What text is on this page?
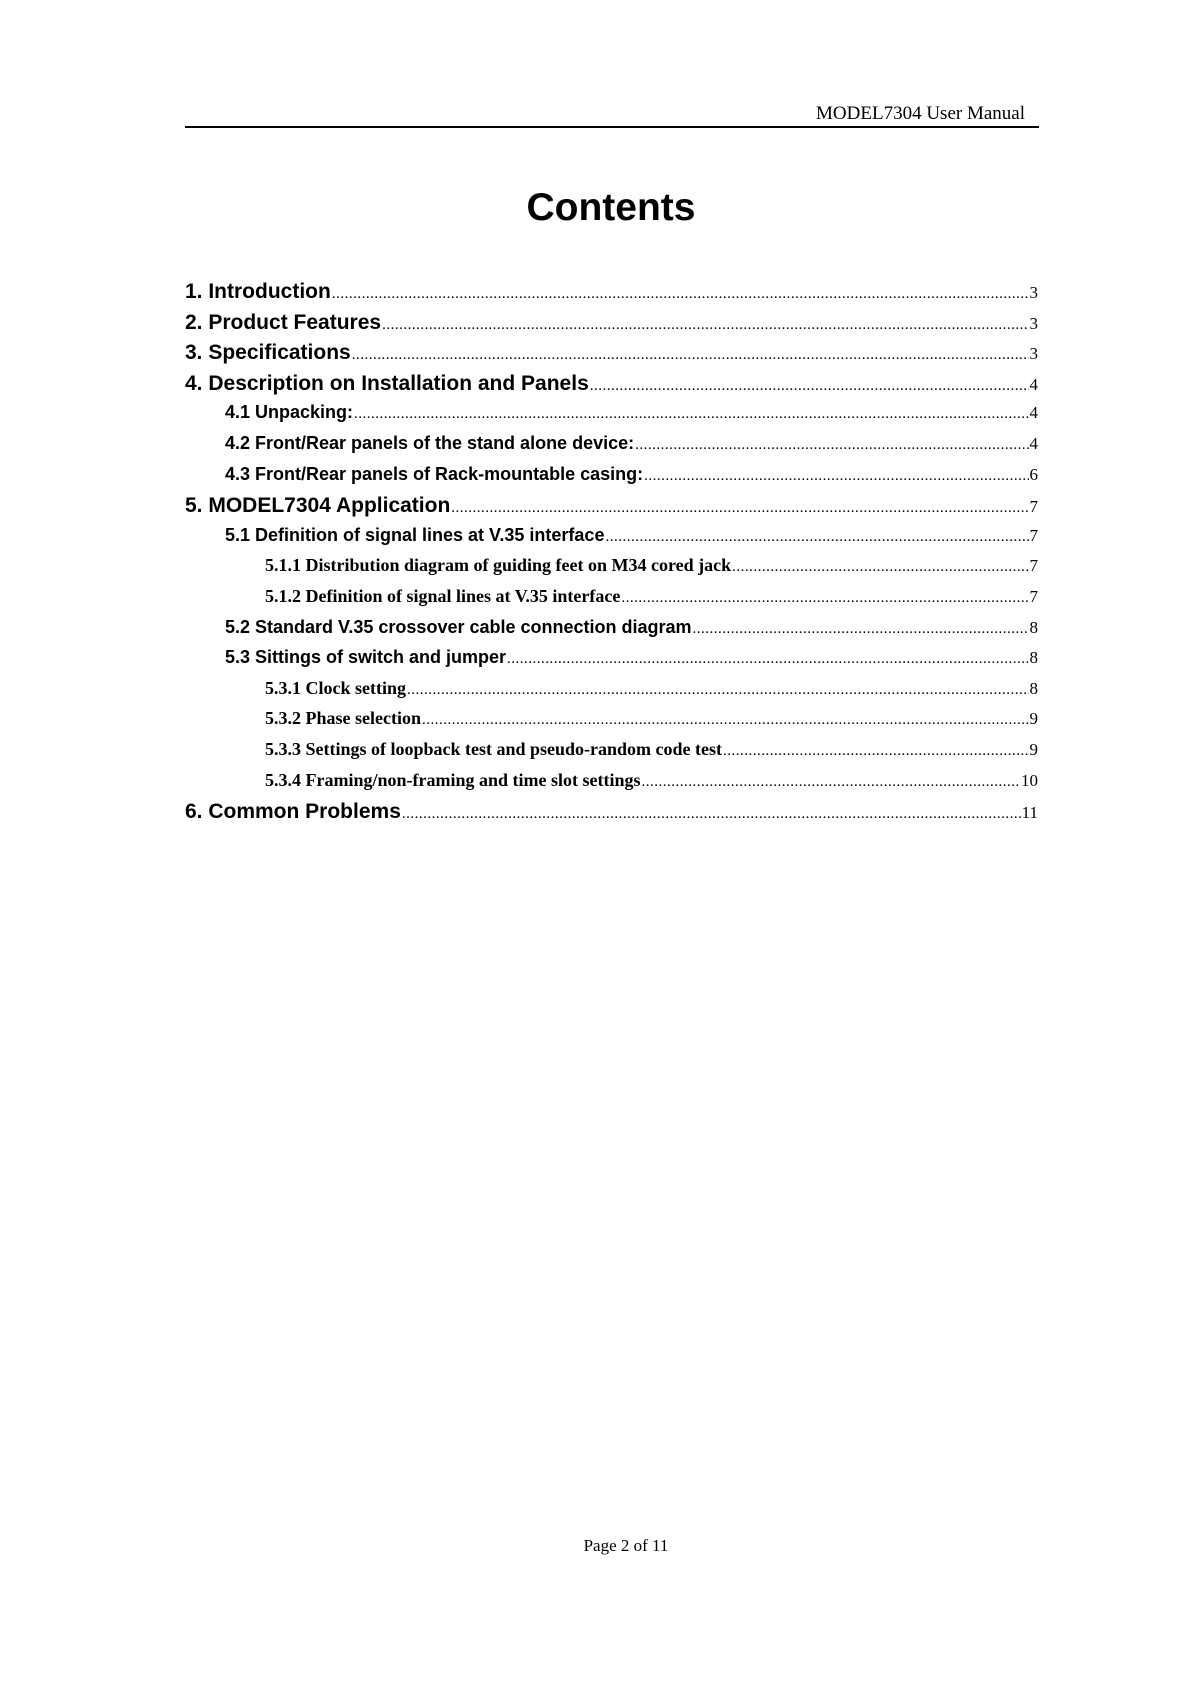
MODEL7304 User Manual
Contents
1. Introduction .....	3
2. Product Features .....	3
3. Specifications .....	3
4. Description on Installation and Panels .....	4
4.1 Unpacking: .....	4
4.2 Front/Rear panels of the stand alone device: .....	4
4.3 Front/Rear panels of Rack-mountable casing: .....	6
5. MODEL7304 Application .....	7
5.1 Definition of signal lines at V.35 interface .....	7
5.1.1 Distribution diagram of guiding feet on M34 cored jack .....	7
5.1.2 Definition of signal lines at V.35 interface .....	7
5.2 Standard V.35 crossover cable connection diagram .....	8
5.3 Sittings of switch and jumper .....	8
5.3.1 Clock setting .....	8
5.3.2 Phase selection .....	9
5.3.3 Settings of loopback test and pseudo-random code test .....	9
5.3.4 Framing/non-framing and time slot settings .....	10
6. Common Problems .....	11
Page 2 of 11
